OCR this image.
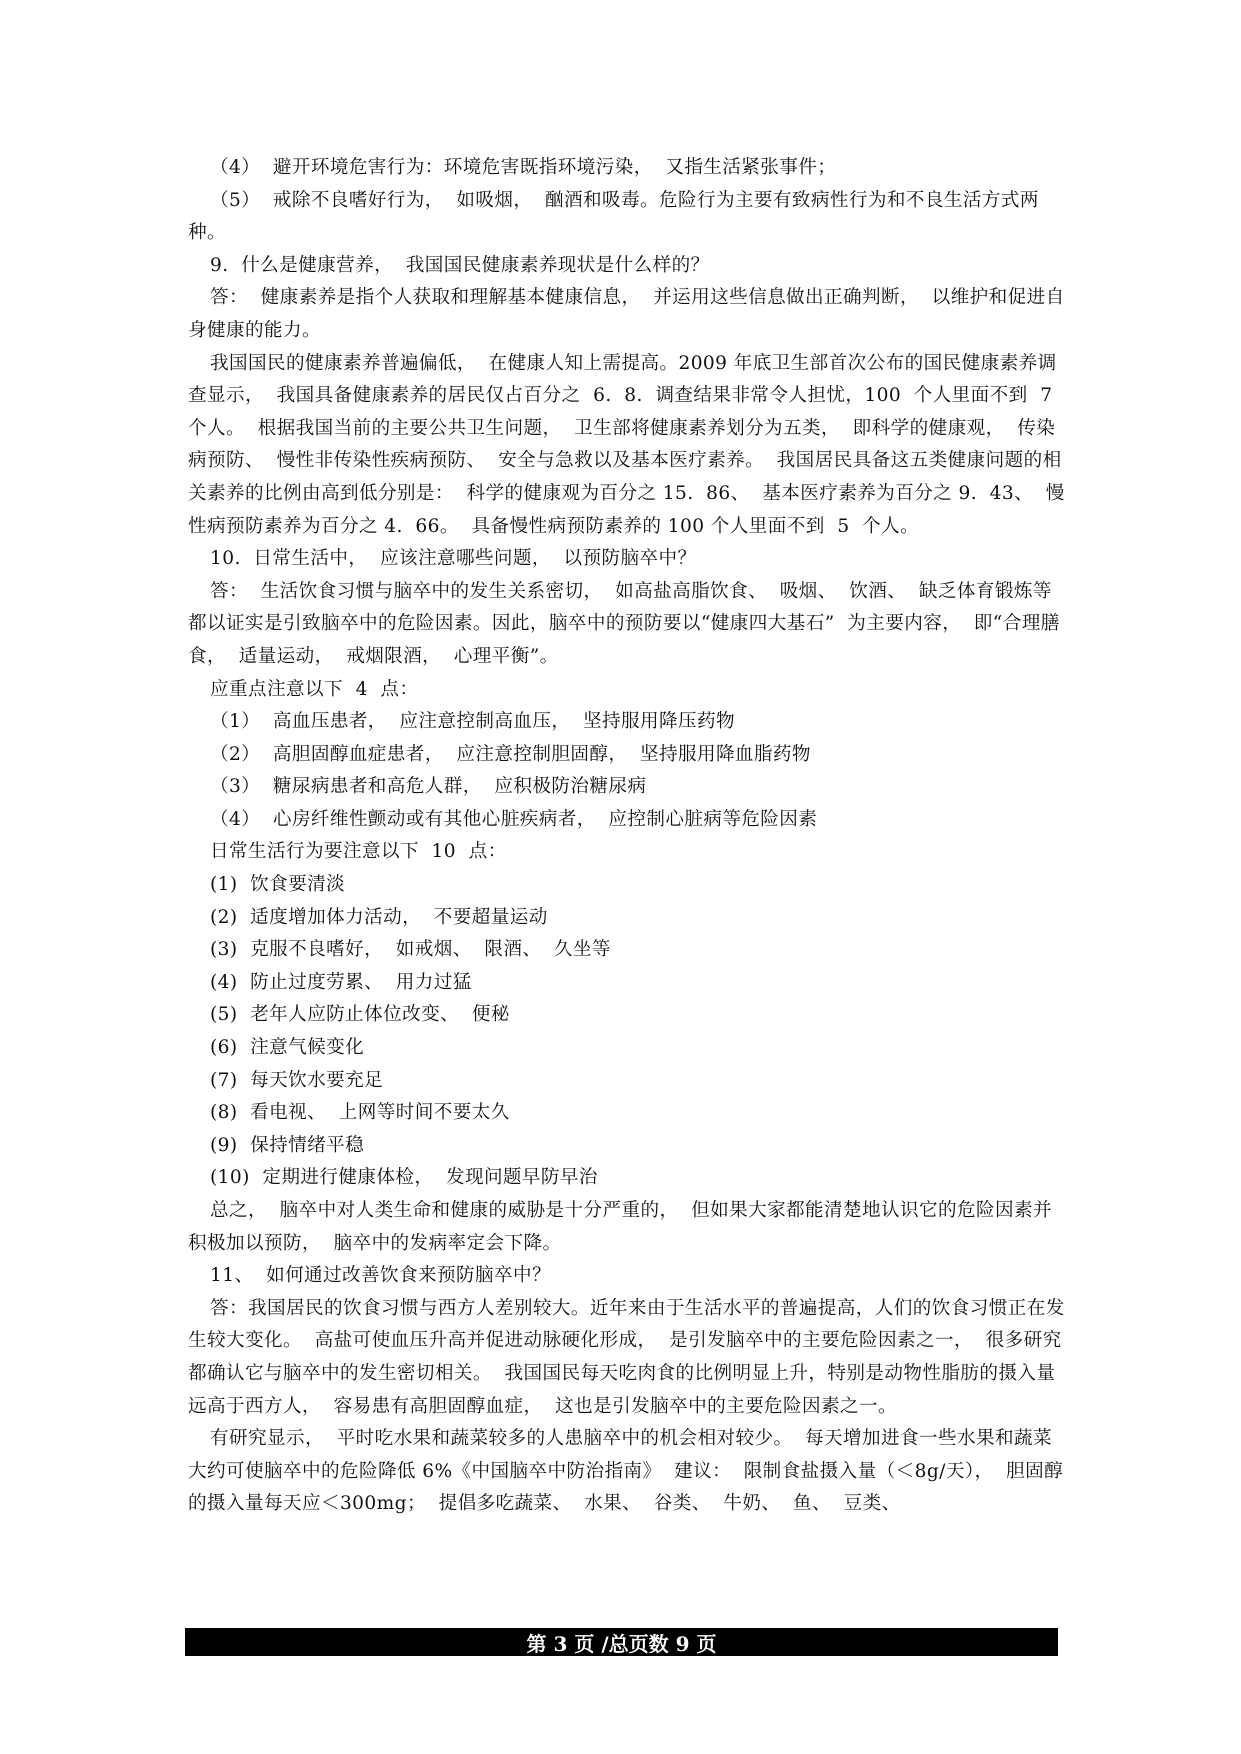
（4）  避开环境危害行为：环境危害既指环境污染，  又指生活紧张事件；

（5）  戒除不良嗜好行为，  如吸烟，  酗酒和吸毒。危险行为主要有致病性行为和不良生活方式两种。

9.  什么是健康营养，  我国国民健康素养现状是什么样的？

答：  健康素养是指个人获取和理解基本健康信息，  并运用这些信息做出正确判断，  以维护和促进自身健康的能力。

我国国民的健康素养普遍偏低，  在健康人知上需提高。2009 年底卫生部首次公布的国民健康素养调查显示，  我国具备健康素养的居民仅占百分之  6.  8.  调查结果非常令人担忧，100  个人里面不到  7  个人。  根据我国当前的主要公共卫生问题，  卫生部将健康素养划分为五类，  即科学的健康观，  传染病预防、  慢性非传染性疾病预防、  安全与急救以及基本医疗素养。  我国居民具备这五类健康问题的相关素养的比例由高到低分别是：  科学的健康观为百分之 15.  86、  基本医疗素养为百分之 9.  43、  慢性病预防素养为百分之 4.  66。  具备慢性病预防素养的 100 个人里面不到  5  个人。

10.  日常生活中，  应该注意哪些问题，  以预防脑卒中？

答：  生活饮食习惯与脑卒中的发生关系密切，  如高盐高脂饮食、  吸烟、  饮酒、  缺乏体育锻炼等都以证实是引致脑卒中的危险因素。因此，脑卒中的预防要以“健康四大基石”  为主要内容，  即“合理膳食，  适量运动，  戒烟限酒，  心理平衡”。

应重点注意以下  4  点：

（1）  高血压患者，  应注意控制高血压，  坚持服用降压药物

（2）  高胆固醇血症患者，  应注意控制胆固醇，  坚持服用降血脂药物

（3）  糖尿病患者和高危人群，  应积极防治糖尿病

（4）  心房纤维性颤动或有其他心脏疾病者，  应控制心脏病等危险因素

日常生活行为要注意以下  10  点：

(1)  饮食要清淡

(2)  适度增加体力活动，  不要超量运动

(3)  克服不良嗜好，  如戒烟、  限酒、  久坐等

(4)  防止过度劳累、  用力过猛

(5)  老年人应防止体位改变、  便秘

(6)  注意气候变化

(7)  每天饮水要充足

(8)  看电视、  上网等时间不要太久

(9)  保持情绪平稳

(10)  定期进行健康体检，  发现问题早防早治

总之，  脑卒中对人类生命和健康的威胁是十分严重的，  但如果大家都能清楚地认识它的危险因素并积极加以预防，  脑卒中的发病率定会下降。

11、  如何通过改善饮食来预防脑卒中？

答：我国居民的饮食习惯与西方人差别较大。近年来由于生活水平的普遍提高，人们的饮食习惯正在发生较大变化。  高盐可使血压升高并促进动脉硬化形成，  是引发脑卒中的主要危险因素之一，  很多研究都确认它与脑卒中的发生密切相关。  我国国民每天吃肉食的比例明显上升，特别是动物性脂肪的摄入量远高于西方人，  容易患有高胆固醇血症，  这也是引发脑卒中的主要危险因素之一。

有研究显示，  平时吃水果和蔬菜较多的人患脑卒中的机会相对较少。  每天增加进食一些水果和蔬菜大约可使脑卒中的危险降低 6%《中国脑卒中防治指南》  建议：  限制食盐摄入量（＜8g/天），  胆固醇的摄入量每天应＜300mg；  提倡多吃蔬菜、  水果、  谷类、  牛奶、  鱼、  豆类、

第 3 页 /总页数 9 页
